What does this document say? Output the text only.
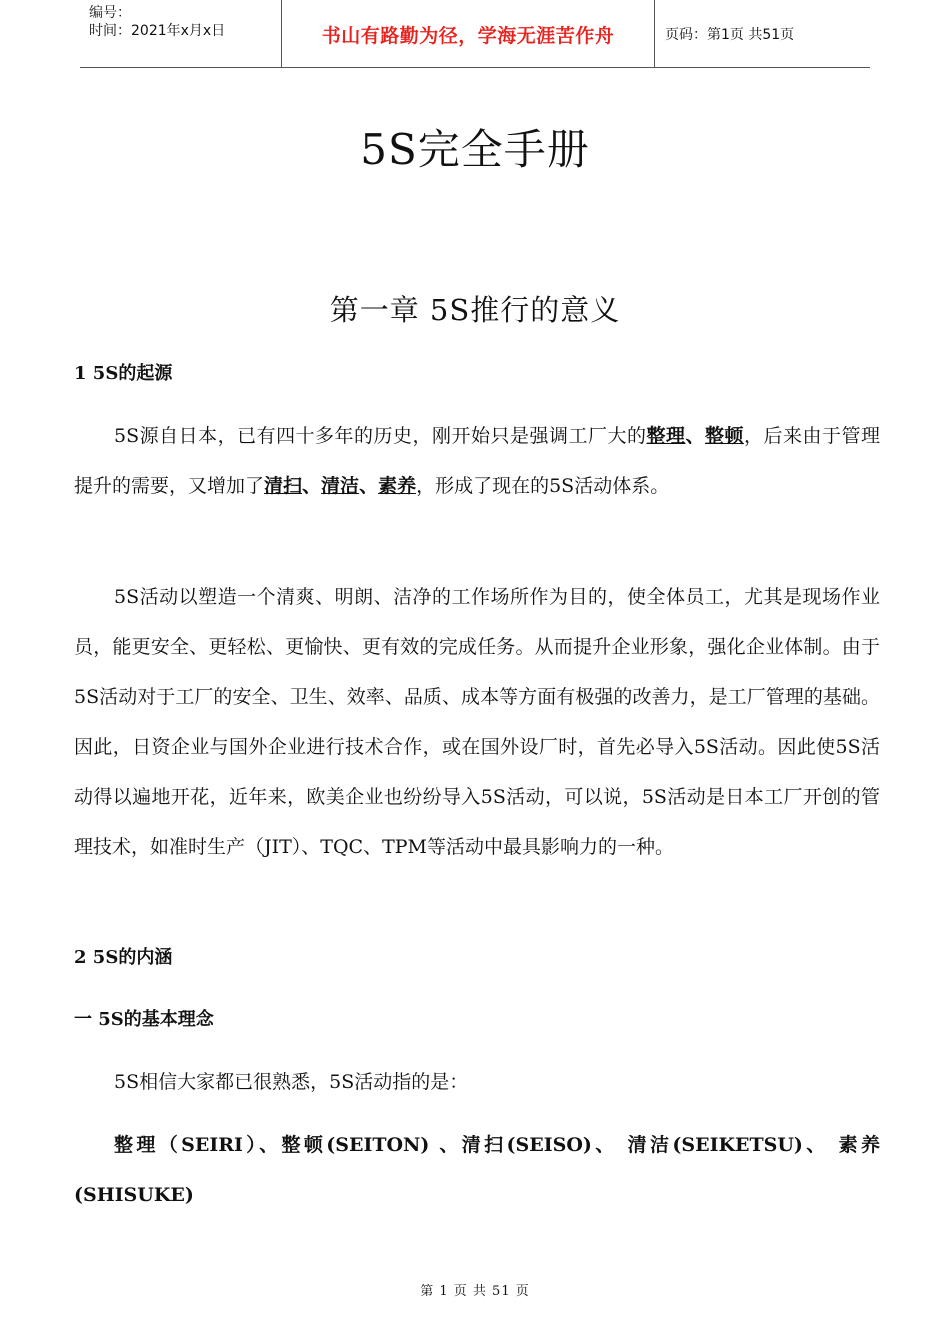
编号：
时间：2021年x月x日	书山有路勤为径，学海无涯苦作舟	页码：第1页 共51页
5S完全手册
第一章 5S推行的意义
1 5S的起源
5S源自日本，已有四十多年的历史，刚开始只是强调工厂大的整理、整顿，后来由于管理提升的需要，又增加了清扫、清洁、素养，形成了现在的5S活动体系。
5S活动以塑造一个清爽、明朗、洁净的工作场所作为目的，使全体员工，尤其是现场作业员，能更安全、更轻松、更愉快、更有效的完成任务。从而提升企业形象，强化企业体制。由于5S活动对于工厂的安全、卫生、效率、品质、成本等方面有极强的改善力，是工厂管理的基础。因此，日资企业与国外企业进行技术合作，或在国外设厂时，首先必导入5S活动。因此使5S活动得以遍地开花，近年来，欧美企业也纷纷导入5S活动，可以说，5S活动是日本工厂开创的管理技术，如准时生产（JIT）、TQC、TPM等活动中最具影响力的一种。
2 5S的内涵
一 5S的基本理念
5S相信大家都已很熟悉，5S活动指的是：
整理（SEIRI）、整顿(SEITON) 、清扫(SEISO)、 清洁(SEIKETSU)、 素养(SHISUKE)
第 1 页 共 51 页
